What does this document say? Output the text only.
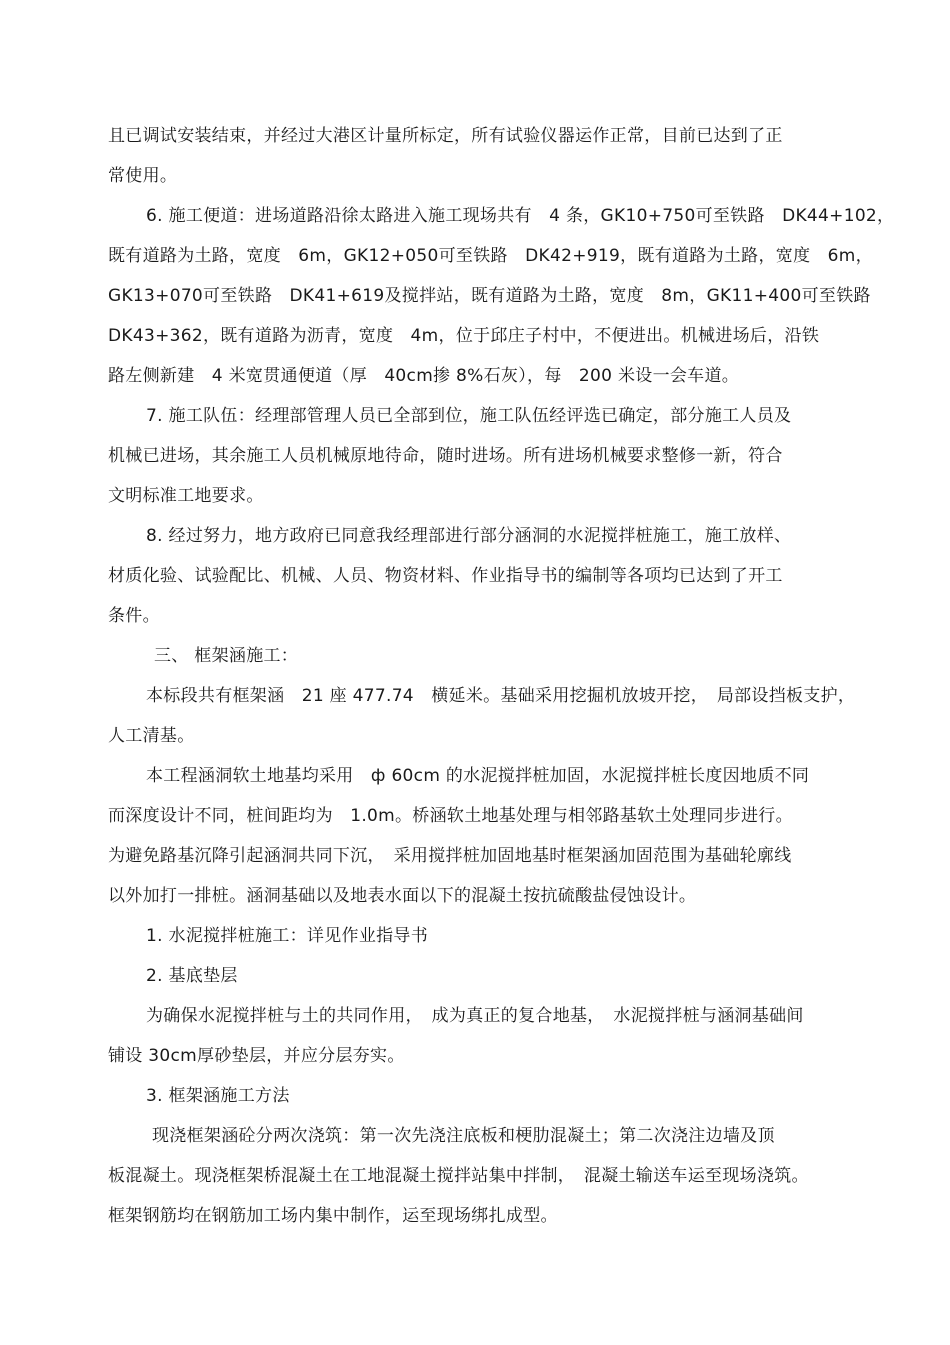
且已调试安装结束，并经过大港区计量所标定，所有试验仪器运作正常，目前已达到了正
常使用。
6. 施工便道：进场道路沿徐太路进入施工现场共有　4 条，GK10+750可至铁路　DK44+102，
既有道路为土路，宽度　6m，GK12+050可至铁路　DK42+919，既有道路为土路，宽度　6m，
GK13+070可至铁路　DK41+619及搅拌站，既有道路为土路，宽度　8m，GK11+400可至铁路
DK43+362，既有道路为沥青，宽度　4m，位于邱庄子村中，不便进出。机械进场后，沿铁
路左侧新建　4 米宽贯通便道（厚　40cm掺 8%石灰），每　200 米设一会车道。
7. 施工队伍：经理部管理人员已全部到位，施工队伍经评选已确定，部分施工人员及
机械已进场，其余施工人员机械原地待命，随时进场。所有进场机械要求整修一新，符合
文明标准工地要求。
8. 经过努力，地方政府已同意我经理部进行部分涵洞的水泥搅拌桩施工，施工放样、
材质化验、试验配比、机械、人员、物资材料、作业指导书的编制等各项均已达到了开工
条件。
三、 框架涵施工：
本标段共有框架涵　21 座 477.74　横延米。基础采用挖掘机放坡开挖，　局部设挡板支护，
人工清基。
本工程涵洞软土地基均采用　ф 60cm 的水泥搅拌桩加固，水泥搅拌桩长度因地质不同
而深度设计不同，桩间距均为　1.0m。桥涵软土地基处理与相邻路基软土处理同步进行。
为避免路基沉降引起涵洞共同下沉，　采用搅拌桩加固地基时框架涵加固范围为基础轮廓线
以外加打一排桩。涵洞基础以及地表水面以下的混凝土按抗硫酸盐侵蚀设计。
1. 水泥搅拌桩施工：详见作业指导书
2. 基底垫层
为确保水泥搅拌桩与土的共同作用，　成为真正的复合地基，　水泥搅拌桩与涵洞基础间
铺设 30cm厚砂垫层，并应分层夯实。
3. 框架涵施工方法
现浇框架涵砼分两次浇筑：第一次先浇注底板和梗肋混凝土；第二次浇注边墙及顶
板混凝土。现浇框架桥混凝土在工地混凝土搅拌站集中拌制，　混凝土输送车运至现场浇筑。
框架钢筋均在钢筋加工场内集中制作，运至现场绑扎成型。
